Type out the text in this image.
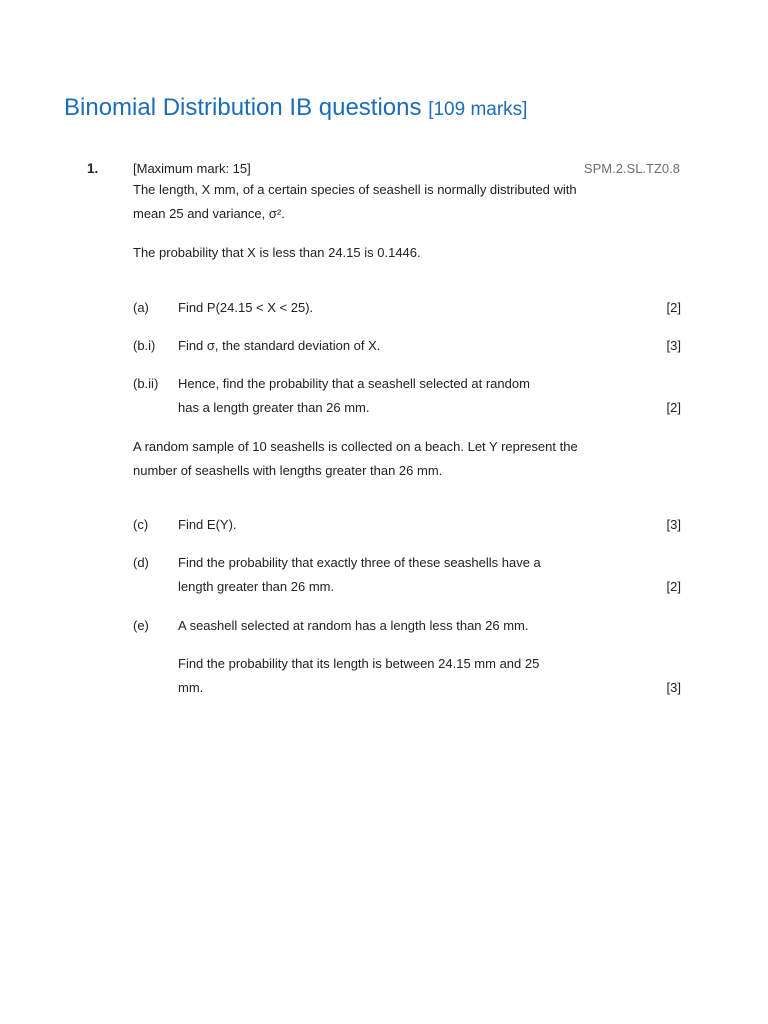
Binomial Distribution IB questions [109 marks]
1.	[Maximum mark: 15]	SPM.2.SL.TZ0.8
The length, X mm, of a certain species of seashell is normally distributed with
mean 25 and variance, σ².
The probability that X is less than 24.15 is 0.1446.
(a) Find P(24.15 < X < 25).	[2]
(b.i) Find σ, the standard deviation of X.	[3]
(b.ii) Hence, find the probability that a seashell selected at random
has a length greater than 26 mm.	[2]
A random sample of 10 seashells is collected on a beach. Let Y represent the
number of seashells with lengths greater than 26 mm.
(c) Find E(Y).	[3]
(d) Find the probability that exactly three of these seashells have a
length greater than 26 mm.	[2]
(e) A seashell selected at random has a length less than 26 mm.
Find the probability that its length is between 24.15 mm and 25
mm.	[3]
